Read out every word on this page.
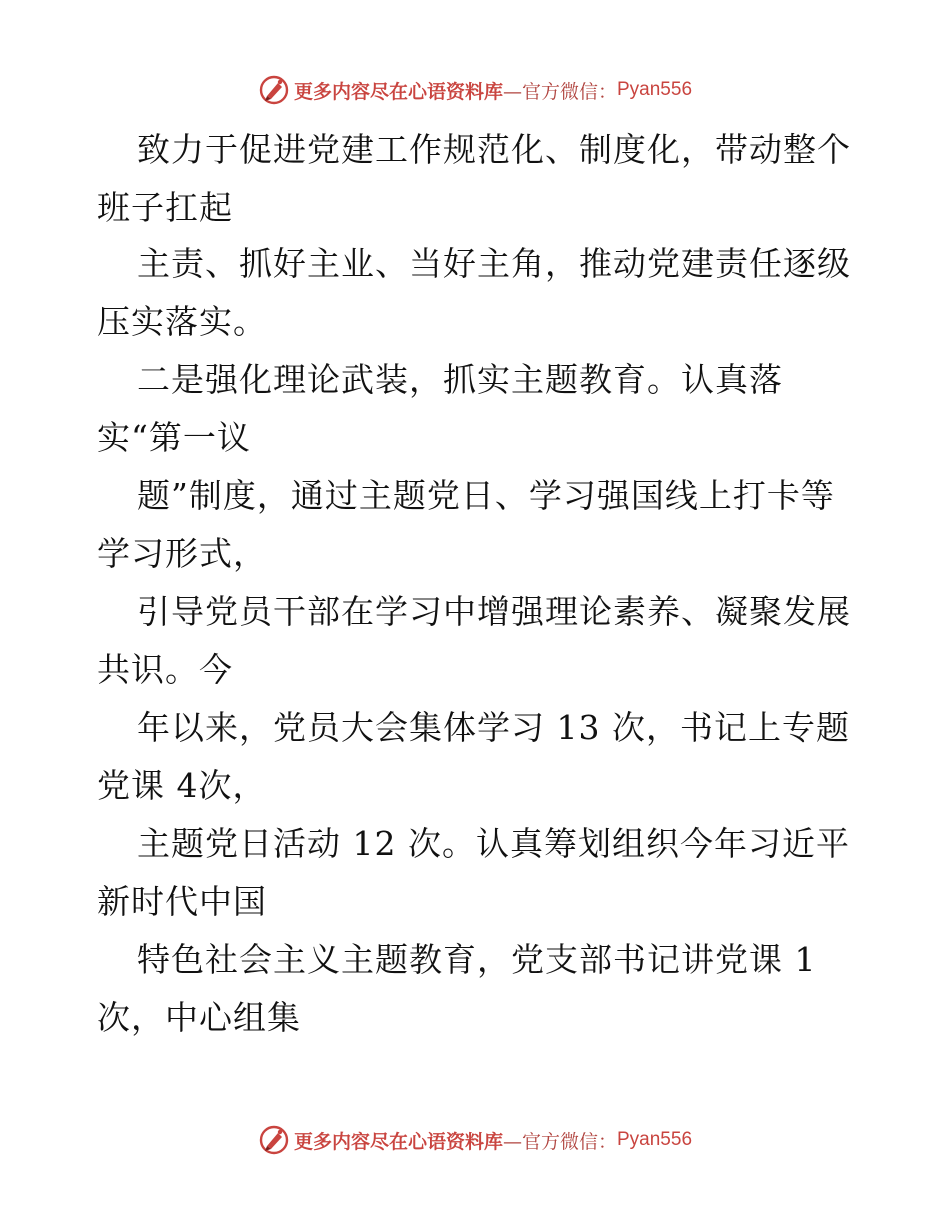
更多内容尽在心语资料库 —官方微信： Pyan556
致力于促进党建工作规范化、制度化，带动整个
班子扛起
主责、抓好主业、当好主角，推动党建责任逐级
压实落实。
二是强化理论武装，抓实主题教育。认真落
实“第一议
题”制度，通过主题党日、学习强国线上打卡等
学习形式，
引导党员干部在学习中增强理论素养、凝聚发展
共识。今
年以来，党员大会集体学习 13 次，书记上专题
党课 4次，
主题党日活动 12 次。认真筹划组织今年习近平
新时代中国
特色社会主义主题教育，党支部书记讲党课 1
次，中心组集
更多内容尽在心语资料库 —官方微信： Pyan556
